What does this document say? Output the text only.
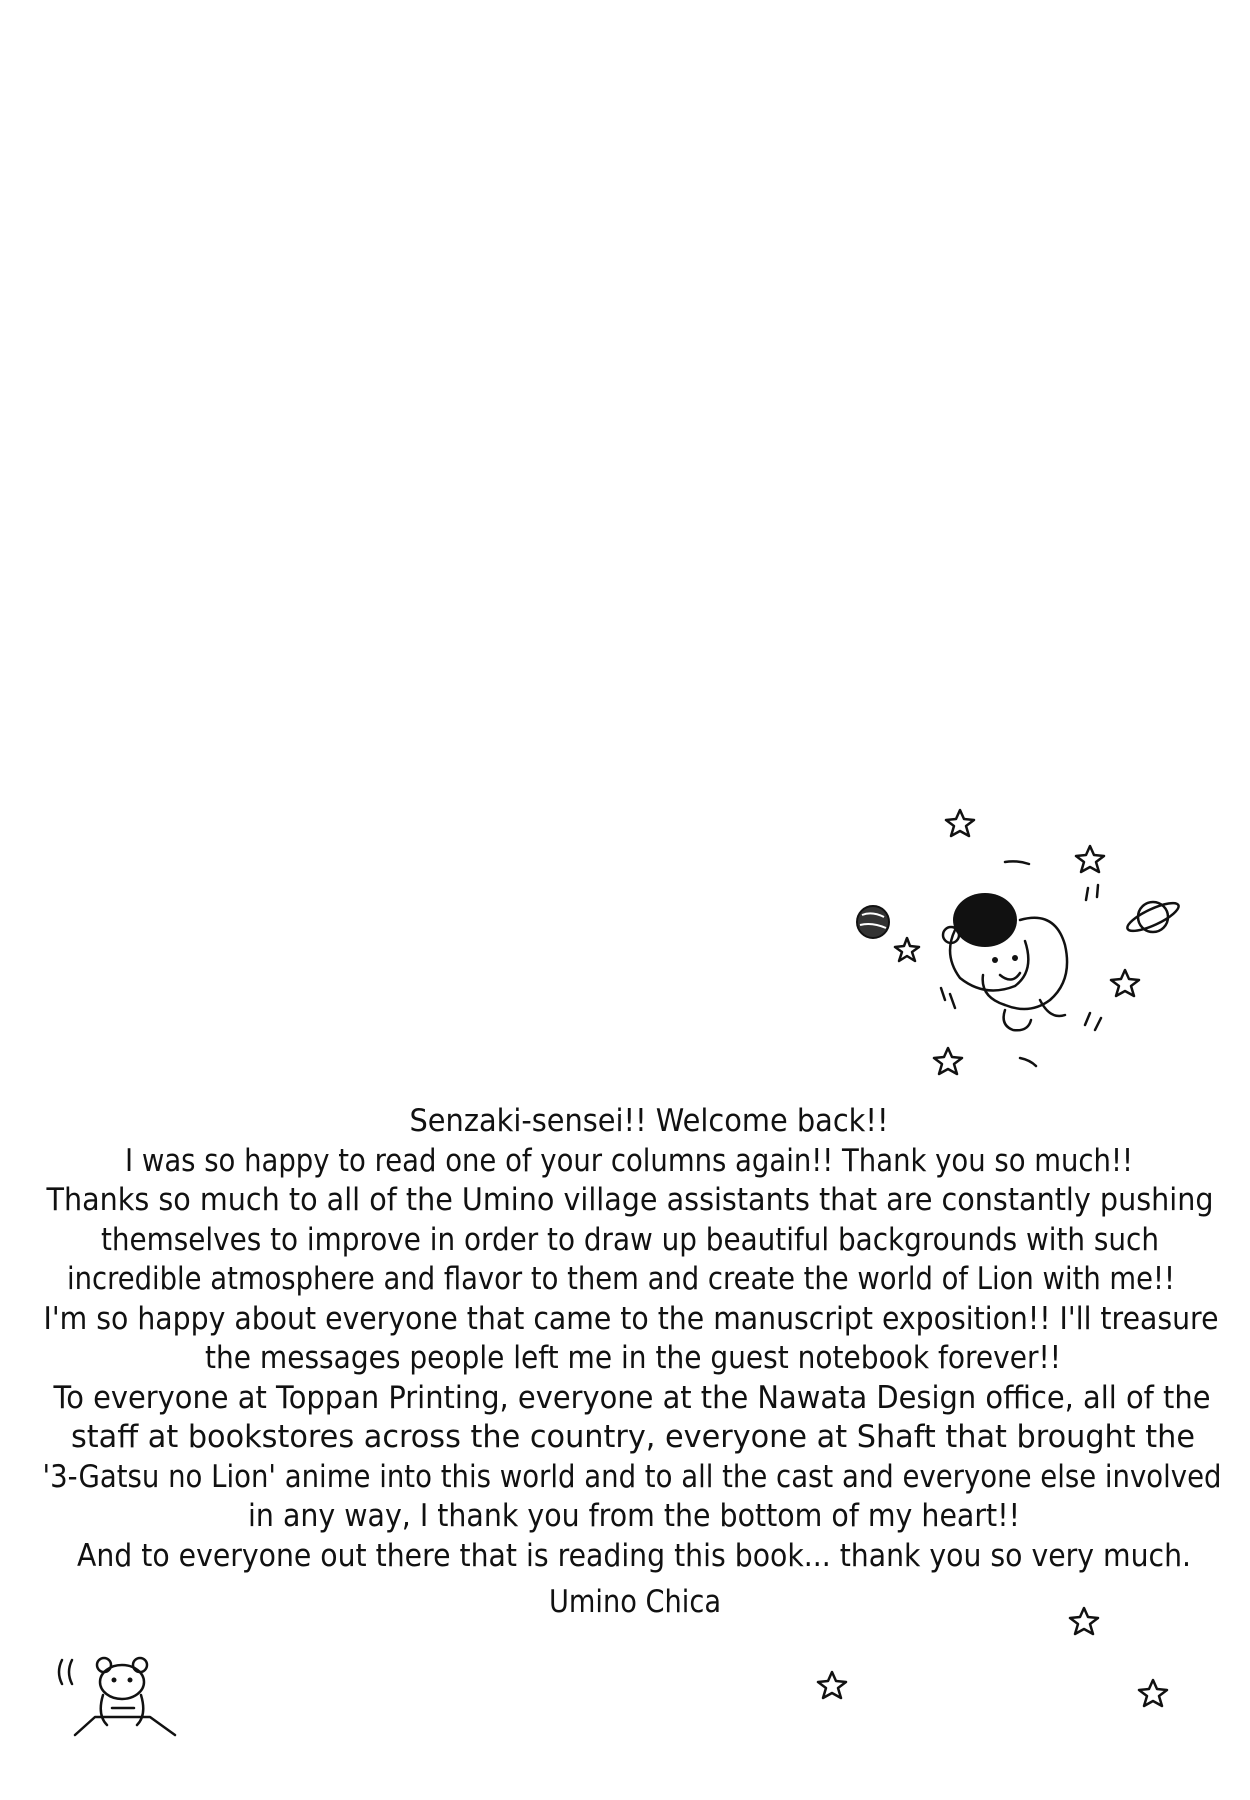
Senzaki-sensei!! Welcome back!!
I was so happy to read one of your columns again!! Thank you so much!!
Thanks so much to all of the Umino village assistants that are constantly pushing
themselves to improve in order to draw up beautiful backgrounds with such
incredible atmosphere and flavor to them and create the world of Lion with me!!
I'm so happy about everyone that came to the manuscript exposition!! I'll treasure
the messages people left me in the guest notebook forever!!
To everyone at Toppan Printing, everyone at the Nawata Design office, all of the
staff at bookstores across the country, everyone at Shaft that brought the
'3-Gatsu no Lion' anime into this world and to all the cast and everyone else involved
in any way, I thank you from the bottom of my heart!!
And to everyone out there that is reading this book... thank you so very much.
Umino Chica
